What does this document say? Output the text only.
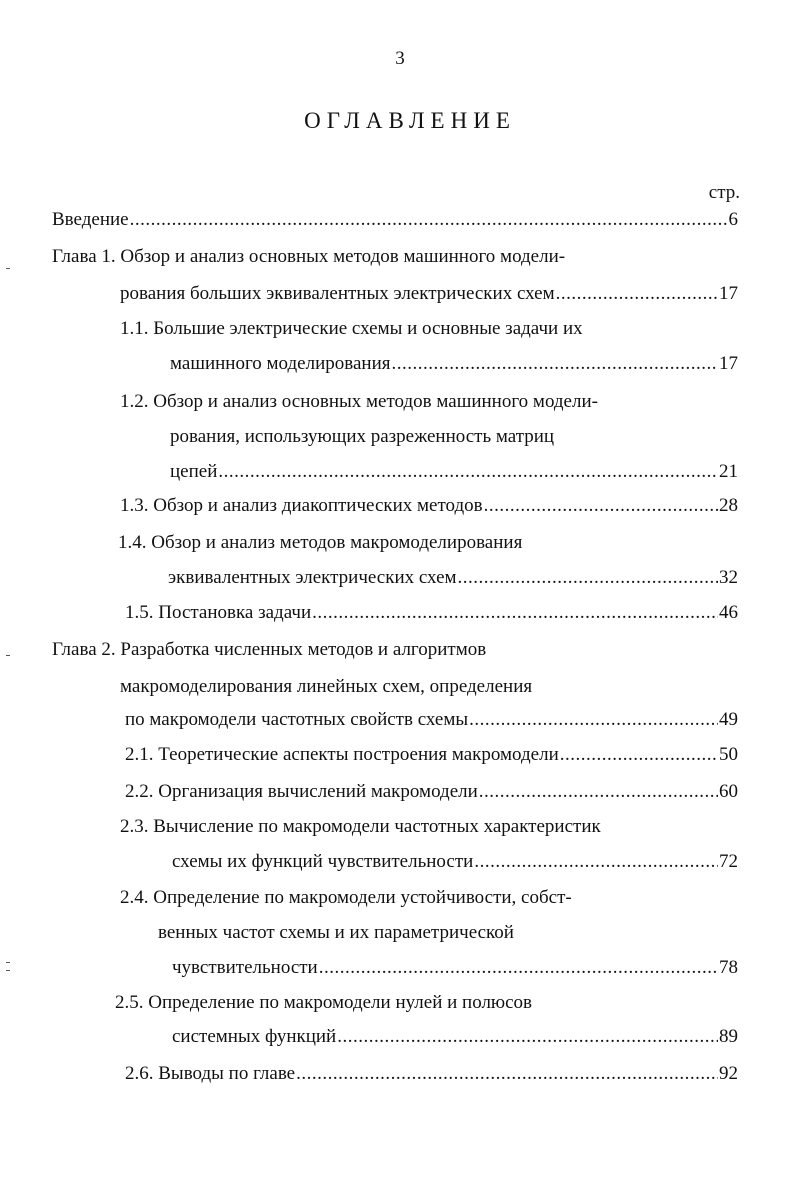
3
ОГЛАВЛЕНИЕ
стр.
Введение .....	6
Глава 1. Обзор и анализ основных методов машинного модели-
рования больших эквивалентных электрических схем .....	17
1.1. Большие электрические схемы и основные задачи их
машинного моделирования .....	17
1.2. Обзор и анализ основных методов машинного модели-
рования, использующих разреженность матриц
цепей .....	21
1.3. Обзор и анализ диакоптических методов .....	28
1.4. Обзор и анализ методов макромоделирования
эквивалентных электрических схем .....	32
1.5. Постановка задачи .....	46
Глава 2. Разработка численных методов и алгоритмов
макромоделирования линейных схем, определения
по макромодели частотных свойств схемы .....	49
2.1. Теоретические аспекты построения макромодели .....	50
2.2. Организация вычислений макромодели .....	60
2.3. Вычисление по макромодели частотных характеристик
схемы их функций чувствительности .....	72
2.4. Определение по макромодели устойчивости, собст-
венных частот схемы и их параметрической
чувствительности .....	78
2.5. Определение по макромодели нулей и полюсов
системных функций .....	89
2.6. Выводы по главе .....	92
